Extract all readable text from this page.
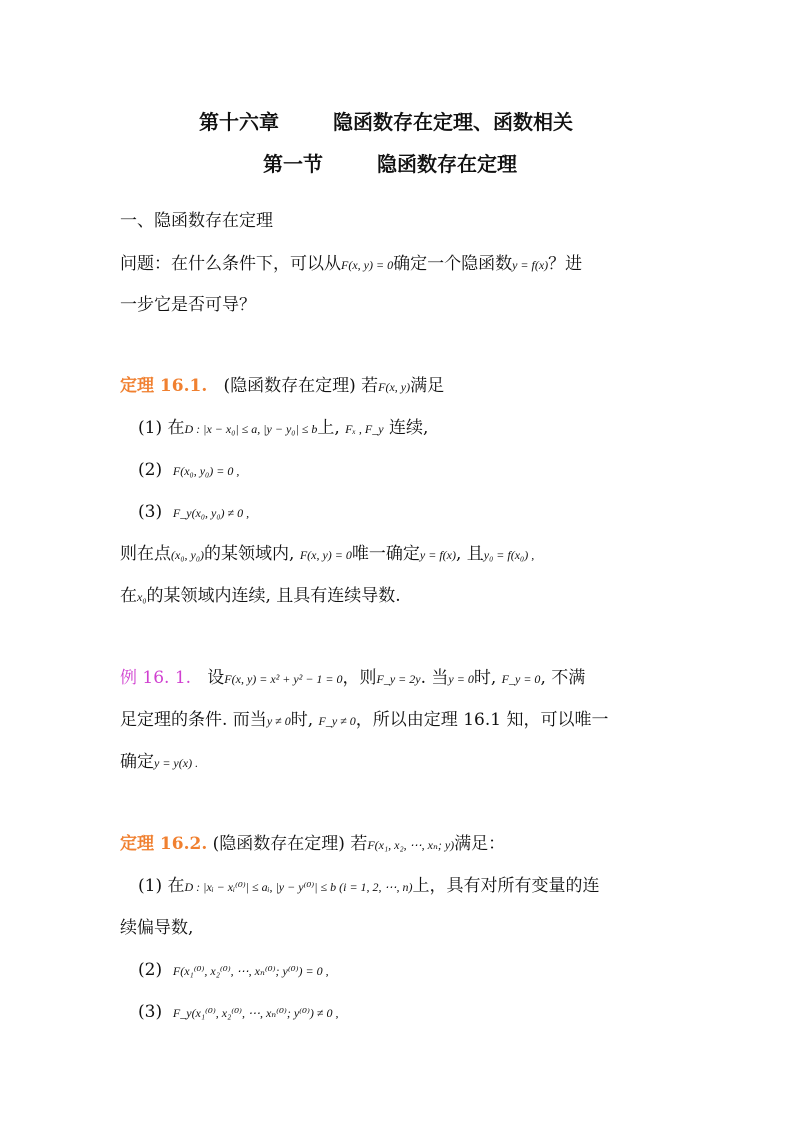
第十六章	隐函数存在定理、函数相关
第一节	隐函数存在定理
一、隐函数存在定理
问题：在什么条件下，可以从F(x, y) = 0确定一个隐函数y = f(x)？进
一步它是否可导？
定理 16.1. (隐函数存在定理) 若F(x, y)满足
(1) 在D : |x − x₀| ≤ a, |y − y₀| ≤ b上, Fₓ , F_y 连续,
(2) F(x₀, y₀) = 0 ,
(3) F_y(x₀, y₀) ≠ 0 ,
则在点(x₀, y₀)的某领域内, F(x, y) = 0唯一确定y = f(x), 且y₀ = f(x₀) ,
在x₀的某领域内连续, 且具有连续导数.
例 16. 1. 设F(x, y) = x² + y² − 1 = 0，则F_y = 2y. 当y = 0时, F_y = 0, 不满
足定理的条件. 而当y ≠ 0时, F_y ≠ 0，所以由定理 16.1 知，可以唯一
确定y = y(x) .
定理 16.2. (隐函数存在定理) 若F(x₁, x₂, ⋯, xₙ; y)满足：
(1) 在D : |xᵢ − xᵢ⁽⁰⁾| ≤ aᵢ, |y − y⁽⁰⁾| ≤ b (i = 1, 2, ⋯, n)上，具有对所有变量的连
续偏导数,
(2) F(x₁⁽⁰⁾, x₂⁽⁰⁾, ⋯, xₙ⁽⁰⁾; y⁽⁰⁾) = 0 ,
(3) F_y(x₁⁽⁰⁾, x₂⁽⁰⁾, ⋯, xₙ⁽⁰⁾; y⁽⁰⁾) ≠ 0 ,
